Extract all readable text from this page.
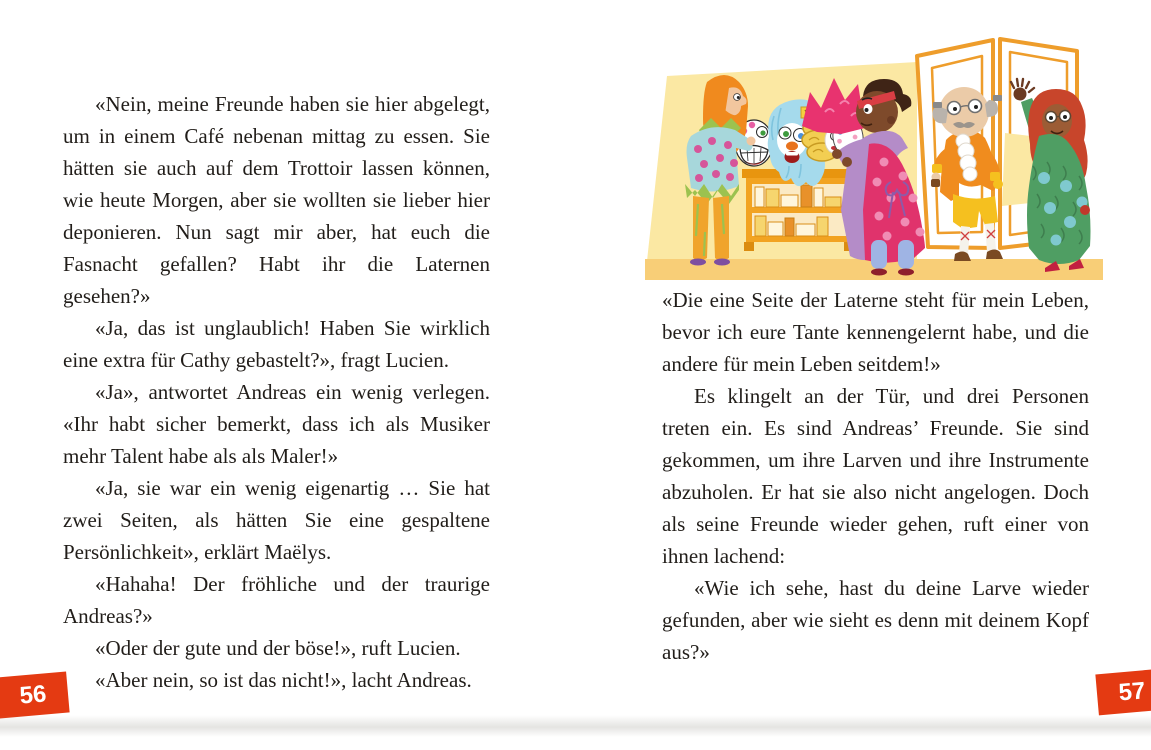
«Nein, meine Freunde haben sie hier abgelegt, um in einem Café nebenan mittag zu essen. Sie hätten sie auch auf dem Trottoir lassen können, wie heute Morgen, aber sie wollten sie lieber hier deponieren. Nun sagt mir aber, hat euch die Fasnacht gefallen? Habt ihr die Laternen gesehen?»

«Ja, das ist unglaublich! Haben Sie wirklich eine extra für Cathy gebastelt?», fragt Lucien.

«Ja», antwortet Andreas ein wenig verlegen. «Ihr habt sicher bemerkt, dass ich als Musiker mehr Talent habe als als Maler!»

«Ja, sie war ein wenig eigenartig … Sie hat zwei Seiten, als hätten Sie eine gespaltene Persönlichkeit», erklärt Maëlys.

«Hahaha! Der fröhliche und der traurige Andreas?»

«Oder der gute und der böse!», ruft Lucien.

«Aber nein, so ist das nicht!», lacht Andreas.

«Die eine Seite der Laterne steht für mein Leben, bevor ich eure Tante kennengelernt habe, und die andere für mein Leben seitdem!»

Es klingelt an der Tür, und drei Personen treten ein. Es sind Andreas’ Freunde. Sie sind gekommen, um ihre Larven und ihre Instrumente abzuholen. Er hat sie also nicht angelogen. Doch als seine Freunde wieder gehen, ruft einer von ihnen lachend:

«Wie ich sehe, hast du deine Larve wieder gefunden, aber wie sieht es denn mit deinem Kopf aus?»

56	57
